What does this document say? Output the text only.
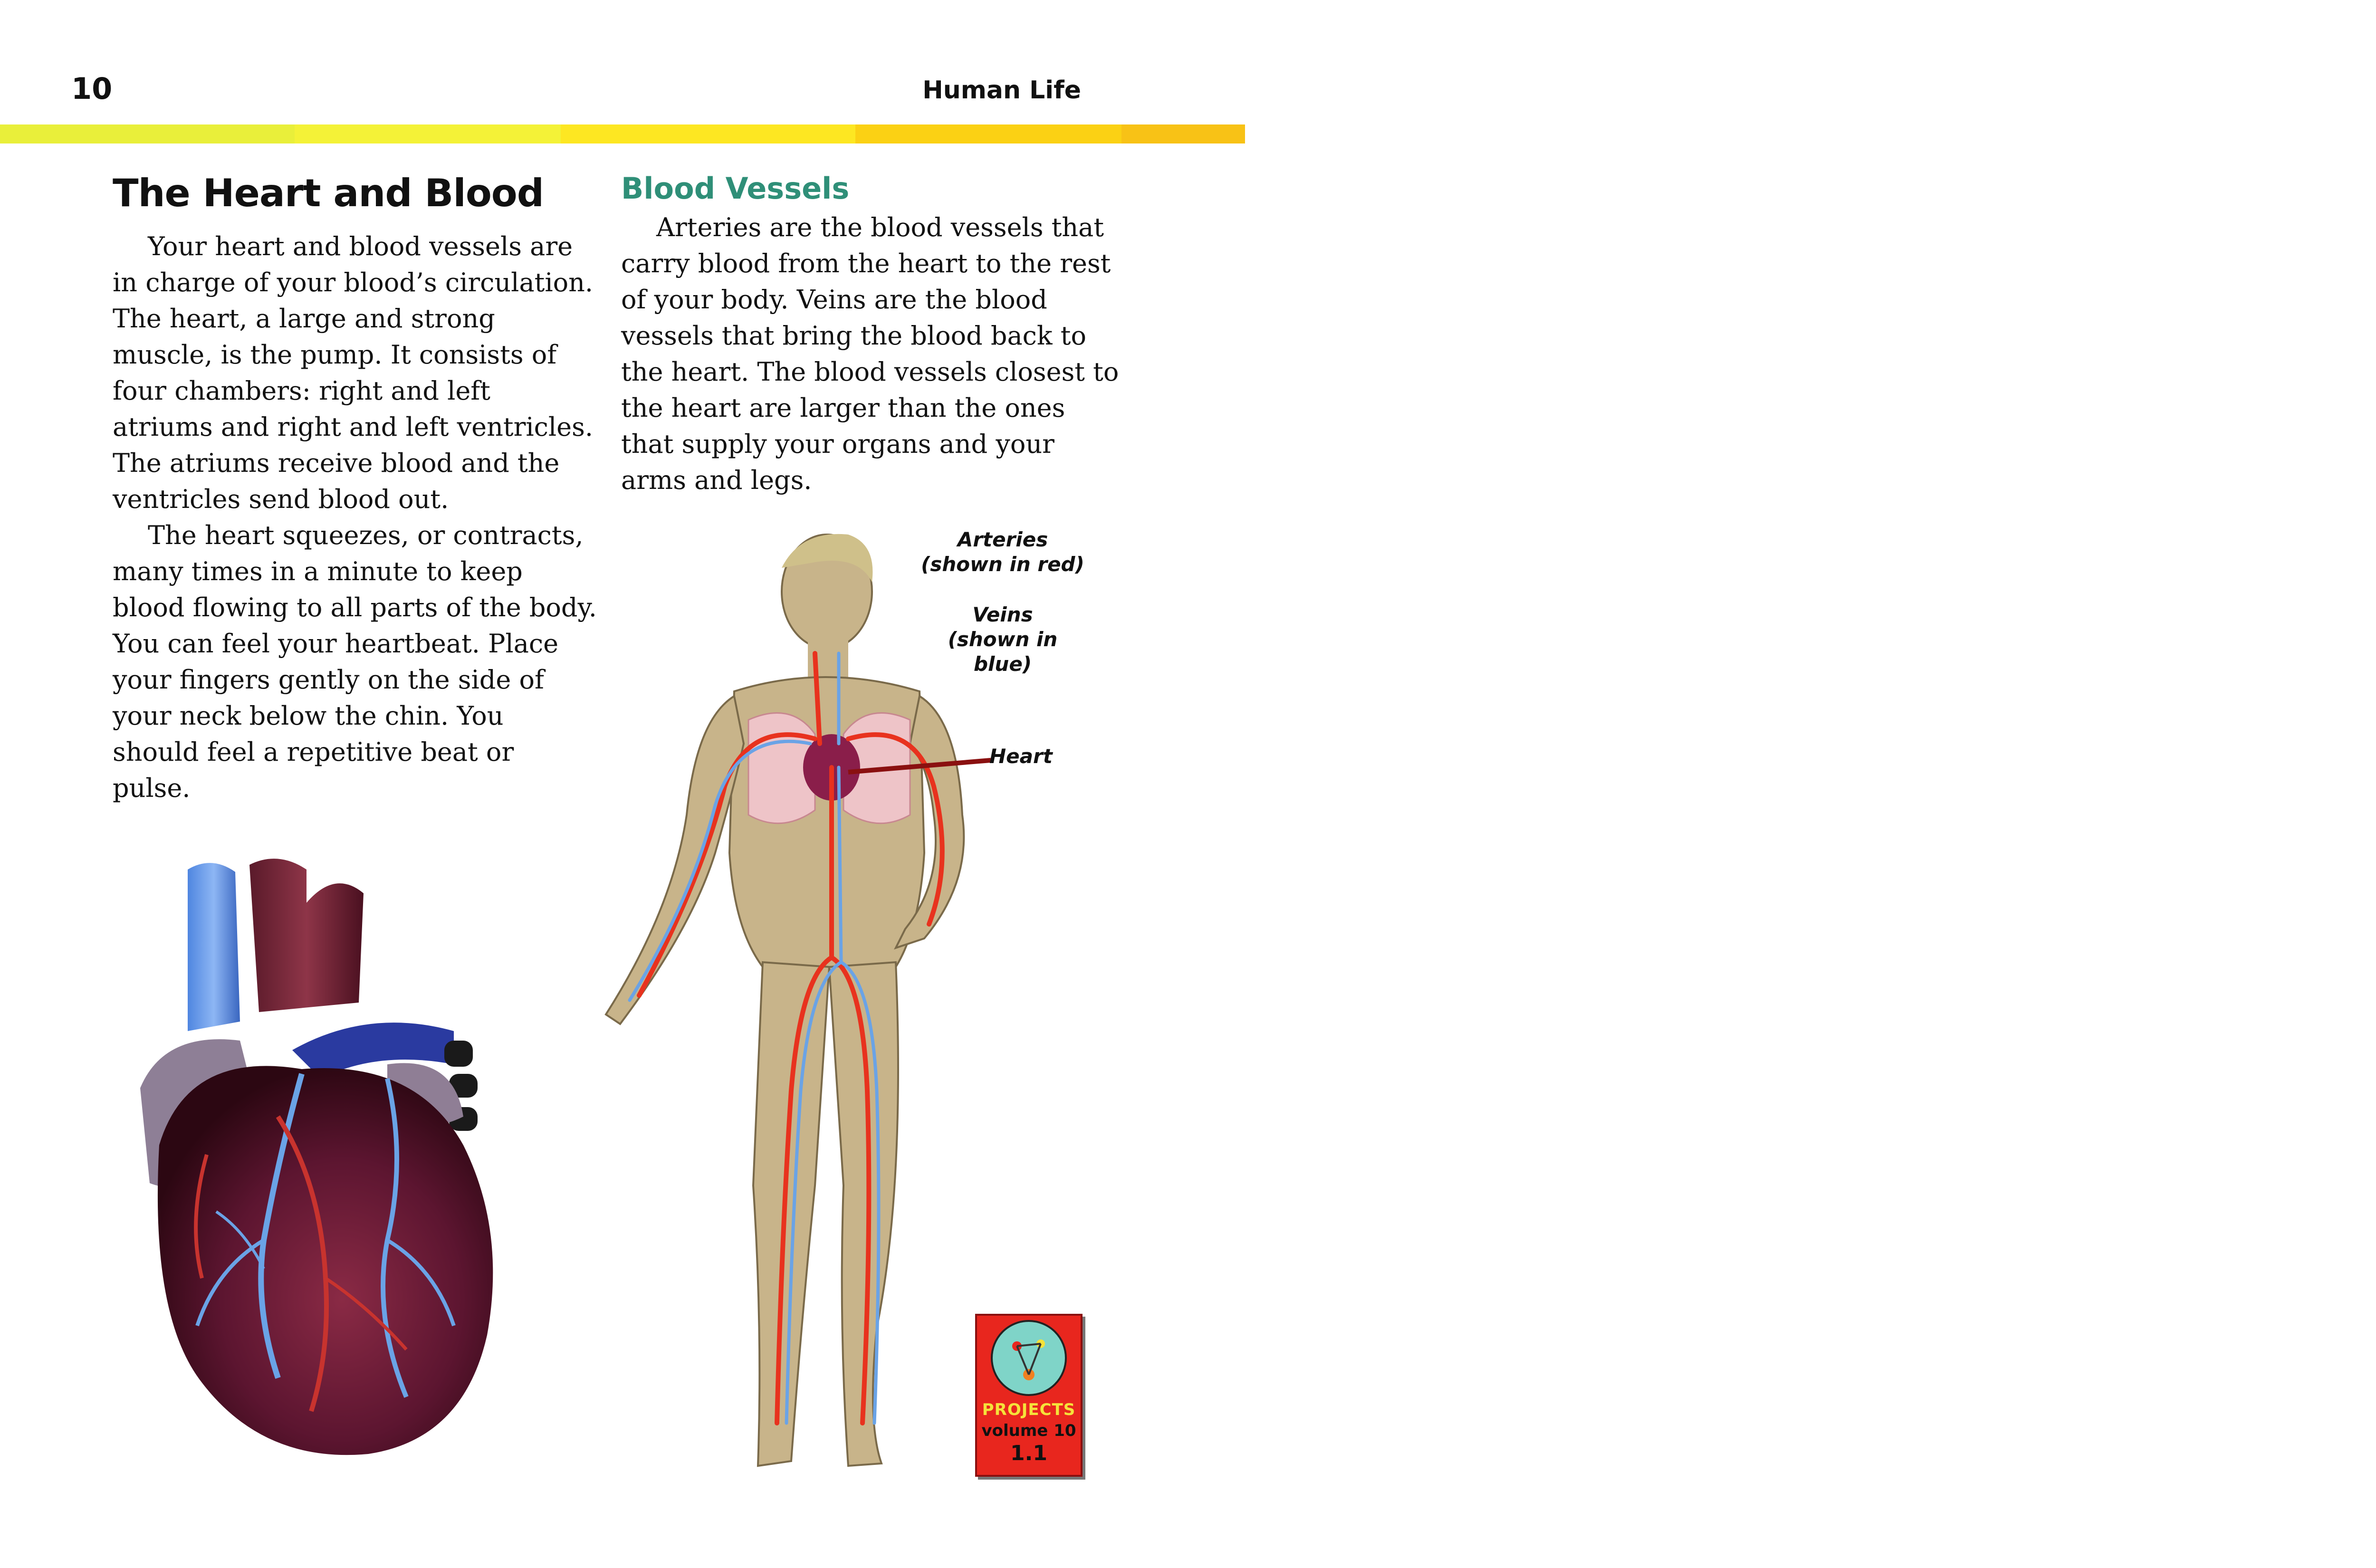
10	Human Life
The Heart and Blood

Your heart and blood vessels are in charge of your blood’s circulation. The heart, a large and strong muscle, is the pump. It consists of four chambers: right and left atriums and right and left ventricles. The atriums receive blood and the ventricles send blood out.

The heart squeezes, or contracts, many times in a minute to keep blood flowing to all parts of the body. You can feel your heartbeat. Place your fingers gently on the side of your neck below the chin. You should feel a repetitive beat or pulse.

Blood Vessels

Arteries are the blood vessels that carry blood from the heart to the rest of your body. Veins are the blood vessels that bring the blood back to the heart. The blood vessels closest to the heart are larger than the ones that supply your organs and your arms and legs.

Arteries
(shown in red)
Veins
(shown in blue)
Heart
PROJECTS
volume 10
1.1
